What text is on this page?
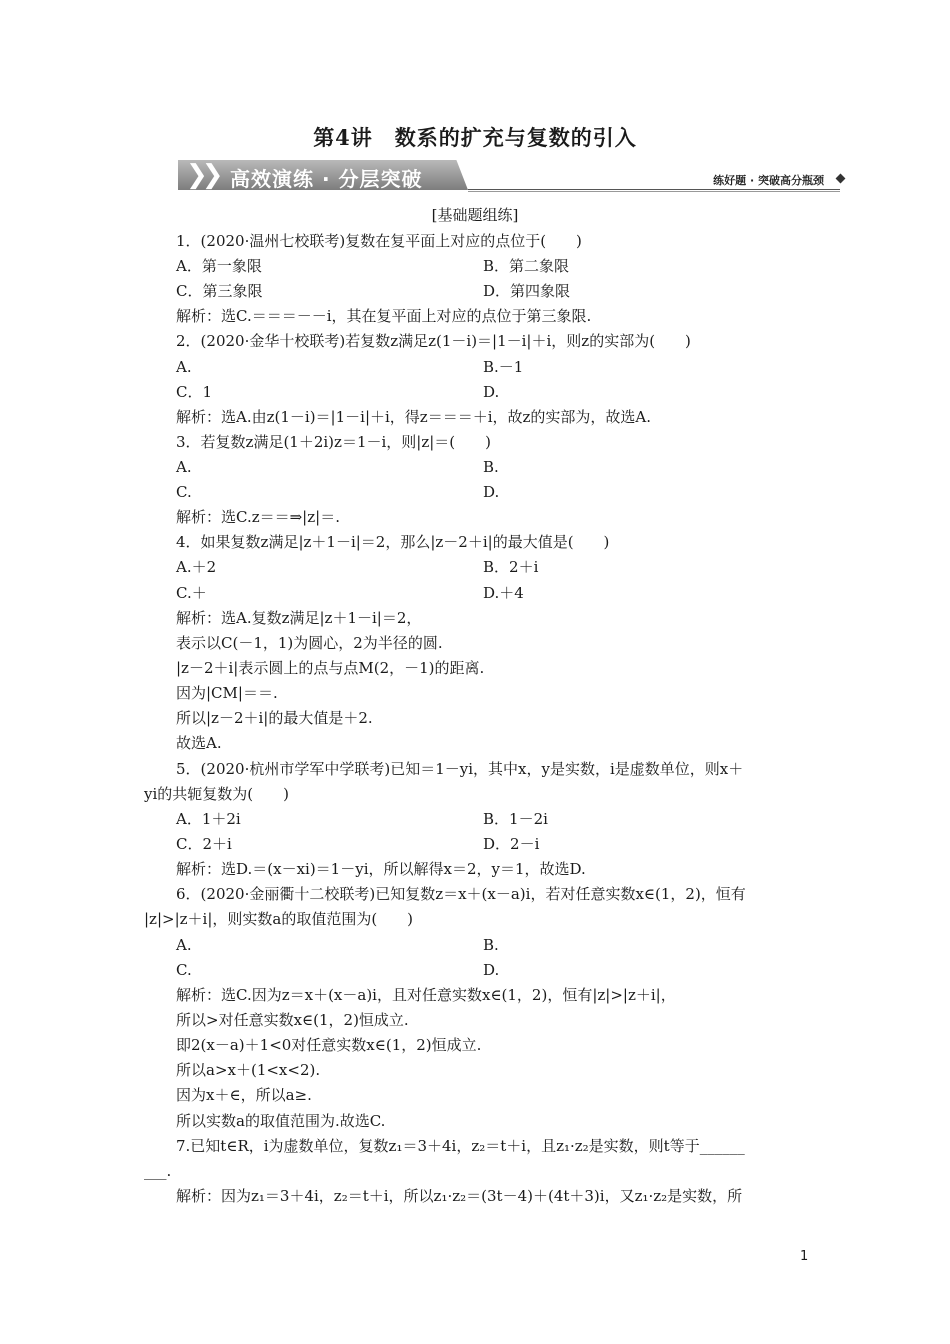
第4讲　数系的扩充与复数的引入
❯❯ 高效演练 · 分层突破	练好题 · 突破高分瓶颈
[基础题组练]
1．(2020·温州七校联考)复数在复平面上对应的点位于(　　)
A．第一象限	B．第二象限
C．第三象限	D．第四象限
解析：选C.＝＝＝－－i，其在复平面上对应的点位于第三象限.
2．(2020·金华十校联考)若复数z满足z(1－i)＝|1－i|＋i，则z的实部为(　　)
A.	B.－1
C．1	D.
解析：选A.由z(1－i)＝|1－i|＋i，得z＝＝＝＋i，故z的实部为，故选A.
3．若复数z满足(1＋2i)z＝1－i，则|z|＝(　　)
A.	B.
C.	D.
解析：选C.z＝＝⇒|z|＝.
4．如果复数z满足|z＋1－i|＝2，那么|z－2＋i|的最大值是(　　)
A.＋2	B．2＋i
C.＋	D.＋4
解析：选A.复数z满足|z＋1－i|＝2，
表示以C(－1，1)为圆心，2为半径的圆.
|z－2＋i|表示圆上的点与点M(2，－1)的距离.
因为|CM|＝＝.
所以|z－2＋i|的最大值是＋2.
故选A.
5．(2020·杭州市学军中学联考)已知＝1－yi，其中x，y是实数，i是虚数单位，则x＋
yi的共轭复数为(　　)
A．1＋2i	B．1－2i
C．2＋i	D．2－i
解析：选D.＝(x－xi)＝1－yi，所以解得x＝2，y＝1，故选D.
6．(2020·金丽衢十二校联考)已知复数z＝x＋(x－a)i，若对任意实数x∈(1，2)，恒有
|z|>|z＋i|，则实数a的取值范围为(　　)
A.	B.
C.	D.
解析：选C.因为z＝x＋(x－a)i，且对任意实数x∈(1，2)，恒有|z|>|z＋i|，
所以>对任意实数x∈(1，2)恒成立.
即2(x－a)＋1<0对任意实数x∈(1，2)恒成立.
所以a>x＋(1<x<2).
因为x＋∈，所以a≥.
所以实数a的取值范围为.故选C.
7.已知t∈R，i为虚数单位，复数z₁＝3＋4i，z₂＝t＋i，且z₁·z₂是实数，则t等于______
___.
解析：因为z₁＝3＋4i，z₂＝t＋i，所以z₁·z₂＝(3t－4)＋(4t＋3)i，又z₁·z₂是实数，所
1
